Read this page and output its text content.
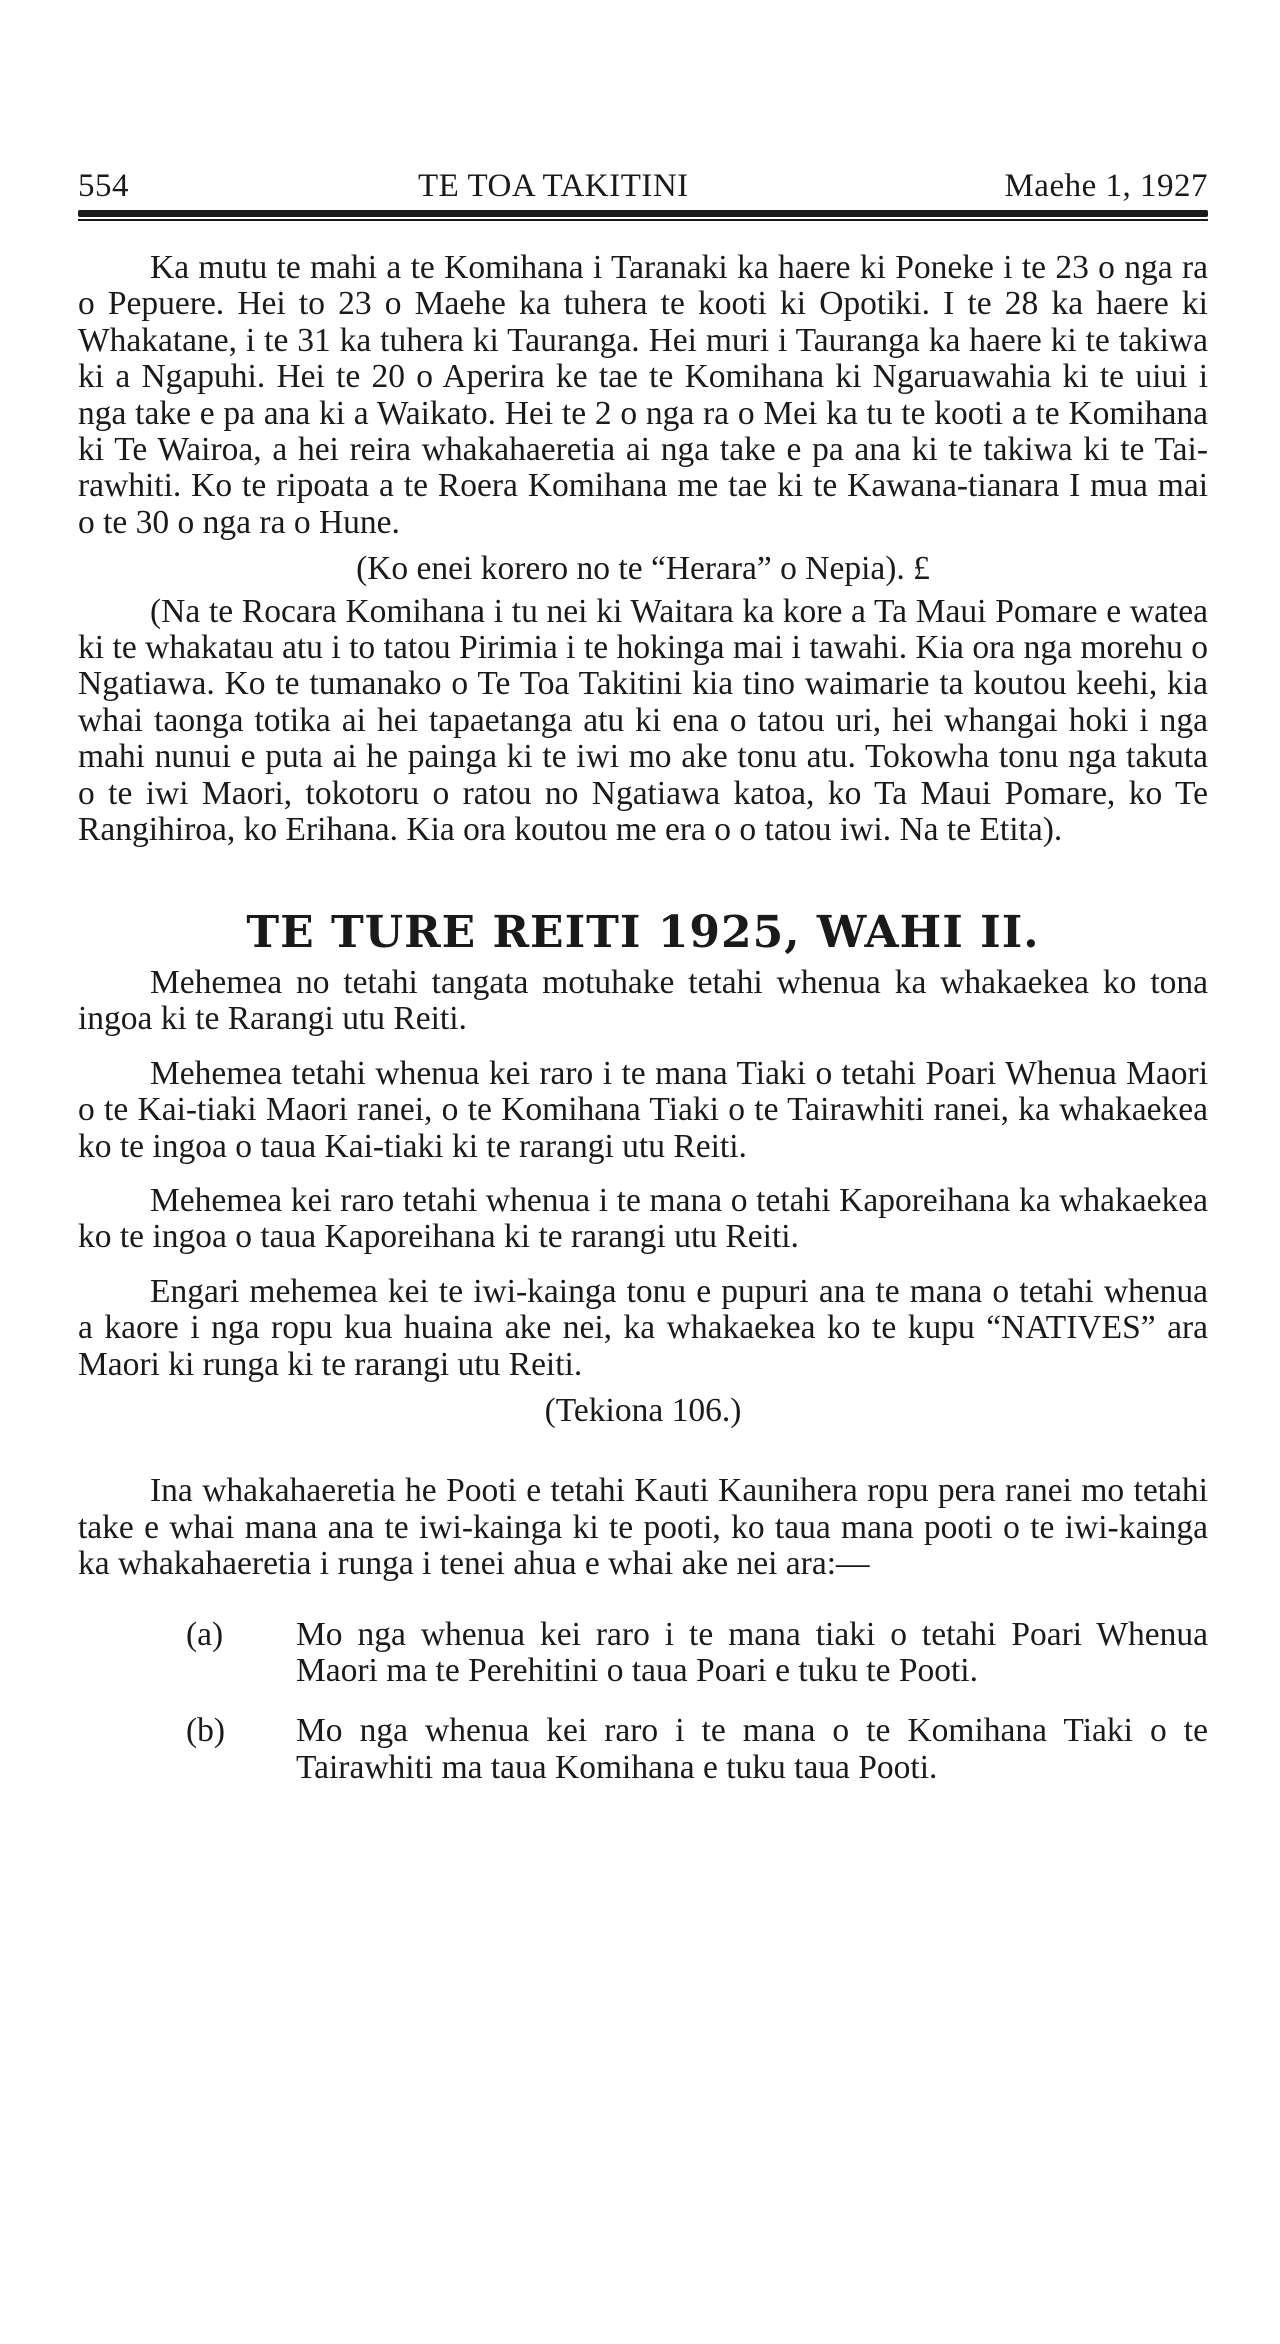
554	TE TOA TAKITINI	Maehe 1, 1927

Ka mutu te mahi a te Komihana i Taranaki ka haere ki Poneke i te 23 o nga ra o Pepuere. Hei to 23 o Maehe ka tuhera te kooti ki Opotiki. I te 28 ka haere ki Whakatane, i te 31 ka tuhera ki Tauranga. Hei muri i Tauranga ka haere ki te takiwa ki a Ngapuhi. Hei te 20 o Aperira ke tae te Komihana ki Ngaruawahia ki te uiui i nga take e pa ana ki a Waikato. Hei te 2 o nga ra o Mei ka tu te kooti a te Komihana ki Te Wairoa, a hei reira whakahaeretia ai nga take e pa ana ki te takiwa ki te Tai-rawhiti. Ko te ripoata a te Roera Komihana me tae ki te Kawana-tianara I mua mai o te 30 o nga ra o Hune.

(Ko enei korero no te “Herara” o Nepia). £

(Na te Rocara Komihana i tu nei ki Waitara ka kore a Ta Maui Pomare e watea ki te whakatau atu i to tatou Pirimia i te hokinga mai i tawahi. Kia ora nga morehu o Ngatiawa. Ko te tumanako o Te Toa Takitini kia tino waimarie ta koutou keehi, kia whai taonga totika ai hei tapaetanga atu ki ena o tatou uri, hei whangai hoki i nga mahi nunui e puta ai he painga ki te iwi mo ake tonu atu. Tokowha tonu nga takuta o te iwi Maori, tokotoru o ratou no Ngatiawa katoa, ko Ta Maui Pomare, ko Te Rangihiroa, ko Erihana. Kia ora koutou me era o o tatou iwi. Na te Etita).

TE TURE REITI 1925, WAHI II.

Mehemea no tetahi tangata motuhake tetahi whenua ka whakaekea ko tona ingoa ki te Rarangi utu Reiti.

Mehemea tetahi whenua kei raro i te mana Tiaki o tetahi Poari Whenua Maori o te Kai-tiaki Maori ranei, o te Komihana Tiaki o te Tairawhiti ranei, ka whakaekea ko te ingoa o taua Kai-tiaki ki te rarangi utu Reiti.

Mehemea kei raro tetahi whenua i te mana o tetahi Kaporeihana ka whakaekea ko te ingoa o taua Kaporeihana ki te rarangi utu Reiti.

Engari mehemea kei te iwi-kainga tonu e pupuri ana te mana o tetahi whenua a kaore i nga ropu kua huaina ake nei, ka whakaekea ko te kupu “NATIVES” ara Maori ki runga ki te rarangi utu Reiti.

(Tekiona 106.)

Ina whakahaeretia he Pooti e tetahi Kauti Kaunihera ropu pera ranei mo tetahi take e whai mana ana te iwi-kainga ki te pooti, ko taua mana pooti o te iwi-kainga ka whakahaeretia i runga i tenei ahua e whai ake nei ara:—

(a)	Mo nga whenua kei raro i te mana tiaki o tetahi Poari Whenua Maori ma te Perehitini o taua Poari e tuku te Pooti.
(b)	Mo nga whenua kei raro i te mana o te Komihana Tiaki o te Tairawhiti ma taua Komihana e tuku taua Pooti.
